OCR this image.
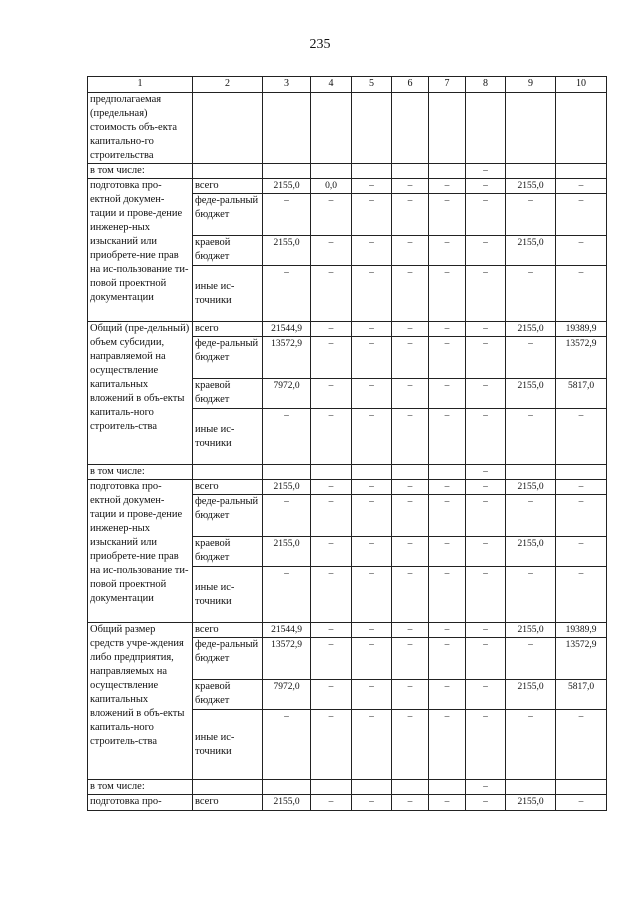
235
1	2	3	4	5	6	7	8	9	10
предполагаемая (предельная) стоимость объ-екта капитально-го строительства									
в том числе:							–		
подготовка про-ектной докумен-тации и прове-дение инженер-ных изысканий или приобрете-ние прав на ис-пользование ти-повой проектной документации	всего	2155,0	0,0	–	–	–	–	2155,0	–
	феде-ральный бюджет	–	–	–	–	–	–	–	–
	краевой бюджет	2155,0	–	–	–	–	–	2155,0	–
	иные ис-точники	–	–	–	–	–	–	–	–
Общий (пре-дельный) объем субсидии, направляемой на осуществление капитальных вложений в объ-екты капиталь-ного строитель-ства	всего	21544,9	–	–	–	–	–	2155,0	19389,9
	феде-ральный бюджет	13572,9	–	–	–	–	–	–	13572,9
	краевой бюджет	7972,0	–	–	–	–	–	2155,0	5817,0
	иные ис-точники	–	–	–	–	–	–	–	–
в том числе:							–		
подготовка про-ектной докумен-тации и прове-дение инженер-ных изысканий или приобрете-ние прав на ис-пользование ти-повой проектной документации	всего	2155,0	–	–	–	–	–	2155,0	–
	феде-ральный бюджет	–	–	–	–	–	–	–	–
	краевой бюджет	2155,0	–	–	–	–	–	2155,0	–
	иные ис-точники	–	–	–	–	–	–	–	–
Общий размер средств учре-ждения либо предприятия, направляемых на осуществление капитальных вложений в объ-екты капиталь-ного строитель-ства	всего	21544,9	–	–	–	–	–	2155,0	19389,9
	феде-ральный бюджет	13572,9	–	–	–	–	–	–	13572,9
	краевой бюджет	7972,0	–	–	–	–	–	2155,0	5817,0
	иные ис-точники	–	–	–	–	–	–	–	–
в том числе:							–		
подготовка про-	всего	2155,0	–	–	–	–	–	2155,0	–
